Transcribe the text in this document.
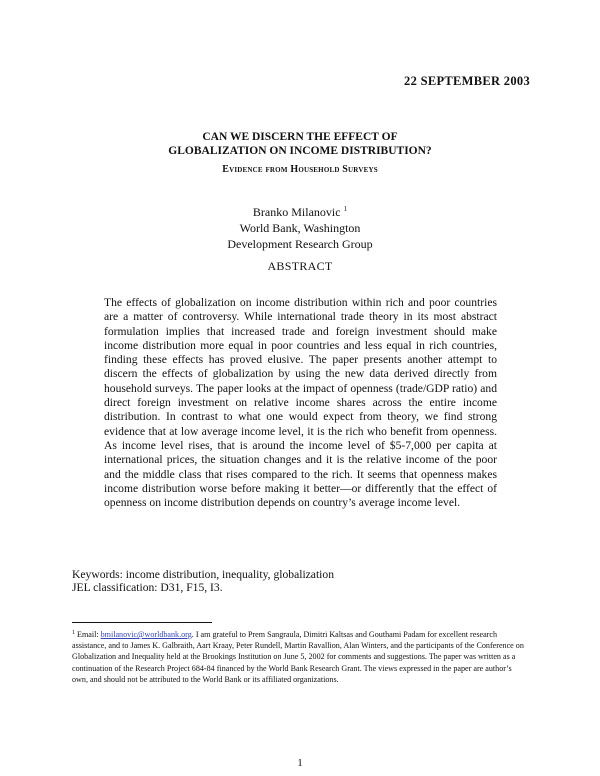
22 SEPTEMBER 2003
CAN WE DISCERN THE EFFECT OF
GLOBALIZATION ON INCOME DISTRIBUTION?
Evidence from Household Surveys
Branko Milanovic $^1$
World Bank, Washington
Development Research Group
ABSTRACT
The effects of globalization on income distribution within rich and poor countries are a matter of controversy. While international trade theory in its most abstract formulation implies that increased trade and foreign investment should make income distribution more equal in poor countries and less equal in rich countries, finding these effects has proved elusive. The paper presents another attempt to discern the effects of globalization by using the new data derived directly from household surveys. The paper looks at the impact of openness (trade/GDP ratio) and direct foreign investment on relative income shares across the entire income distribution. In contrast to what one would expect from theory, we find strong evidence that at low average income level, it is the rich who benefit from openness. As income level rises, that is around the income level of $5-7,000 per capita at international prices, the situation changes and it is the relative income of the poor and the middle class that rises compared to the rich. It seems that openness makes income distribution worse before making it better—or differently that the effect of openness on income distribution depends on country’s average income level.
Keywords: income distribution, inequality, globalization
JEL classification: D31, F15, I3.
$^1$ Email: bmilanovic@worldbank.org. I am grateful to Prem Sangraula, Dimitri Kaltsas and Gouthami Padam for excellent research assistance, and to James K. Galbraith, Aart Kraay, Peter Rundell, Martin Ravallion, Alan Winters, and the participants of the Conference on Globalization and Inequality held at the Brookings Institution on June 5, 2002 for comments and suggestions. The paper was written as a continuation of the Research Project 684-84 financed by the World Bank Research Grant. The views expressed in the paper are author’s own, and should not be attributed to the World Bank or its affiliated organizations.
1
